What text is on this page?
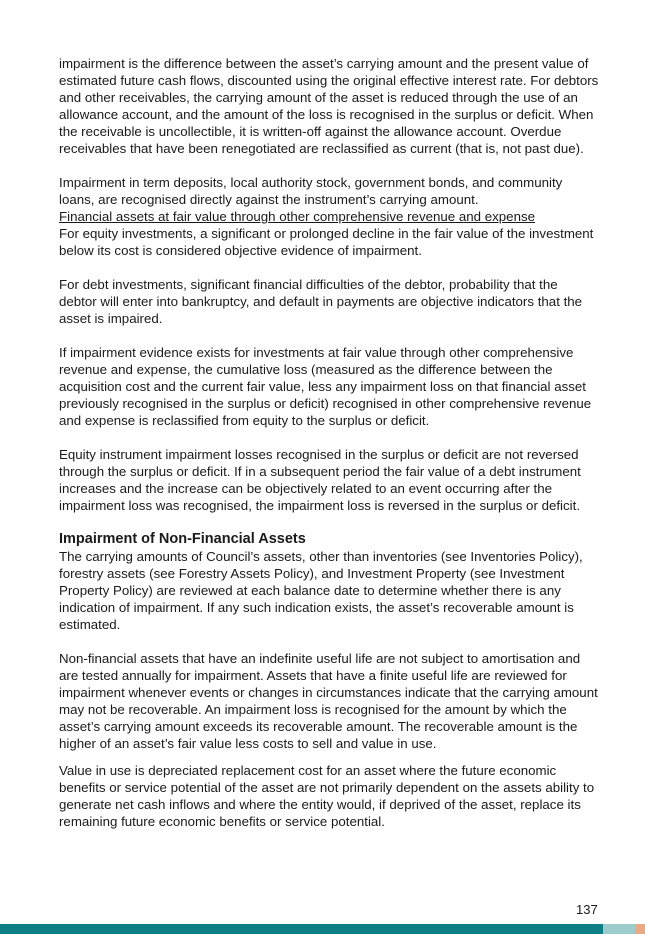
impairment is the difference between the asset’s carrying amount and the present value of estimated future cash flows, discounted using the original effective interest rate. For debtors and other receivables, the carrying amount of the asset is reduced through the use of an allowance account, and the amount of the loss is recognised in the surplus or deficit. When the receivable is uncollectible, it is written-off against the allowance account. Overdue receivables that have been renegotiated are reclassified as current (that is, not past due).

Impairment in term deposits, local authority stock, government bonds, and community loans, are recognised directly against the instrument’s carrying amount.

Financial assets at fair value through other comprehensive revenue and expense

For equity investments, a significant or prolonged decline in the fair value of the investment below its cost is considered objective evidence of impairment.

For debt investments, significant financial difficulties of the debtor, probability that the debtor will enter into bankruptcy, and default in payments are objective indicators that the asset is impaired.

If impairment evidence exists for investments at fair value through other comprehensive revenue and expense, the cumulative loss (measured as the difference between the acquisition cost and the current fair value, less any impairment loss on that financial asset previously recognised in the surplus or deficit) recognised in other comprehensive revenue and expense is reclassified from equity to the surplus or deficit.

Equity instrument impairment losses recognised in the surplus or deficit are not reversed through the surplus or deficit. If in a subsequent period the fair value of a debt instrument increases and the increase can be objectively related to an event occurring after the impairment loss was recognised, the impairment loss is reversed in the surplus or deficit.

Impairment of Non-Financial Assets

The carrying amounts of Council’s assets, other than inventories (see Inventories Policy), forestry assets (see Forestry Assets Policy), and Investment Property (see Investment Property Policy) are reviewed at each balance date to determine whether there is any indication of impairment. If any such indication exists, the asset’s recoverable amount is estimated.

Non-financial assets that have an indefinite useful life are not subject to amortisation and are tested annually for impairment. Assets that have a finite useful life are reviewed for impairment whenever events or changes in circumstances indicate that the carrying amount may not be recoverable. An impairment loss is recognised for the amount by which the asset’s carrying amount exceeds its recoverable amount. The recoverable amount is the higher of an asset’s fair value less costs to sell and value in use.

Value in use is depreciated replacement cost for an asset where the future economic benefits or service potential of the asset are not primarily dependent on the assets ability to generate net cash inflows and where the entity would, if deprived of the asset, replace its remaining future economic benefits or service potential.

137
